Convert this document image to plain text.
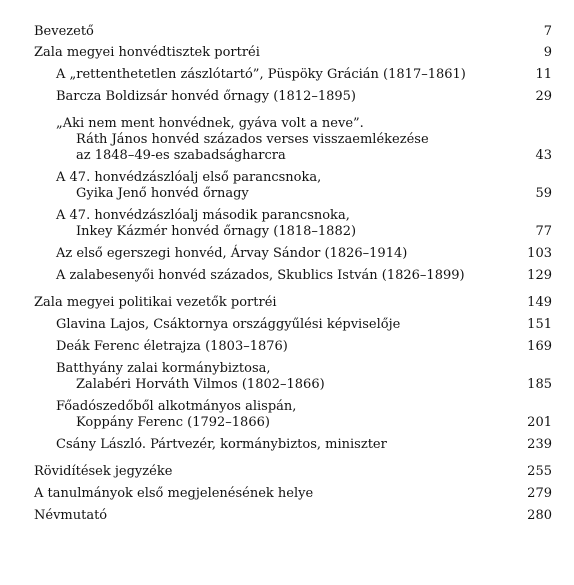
Bevezető	7
Zala megyei honvédtisztek portréi	9
A „rettenthetetlen zászlótartó”, Püspöky Grácián (1817–1861)	11
Barcza Boldizsár honvéd őrnagy (1812–1895)	29
„Aki nem ment honvédnek, gyáva volt a neve”.
Ráth János honvéd százados verses visszaemlékezése
az 1848–49-es szabadságharcra	43
A 47. honvédzászlóalj első parancsnoka,
Gyika Jenő honvéd őrnagy	59
A 47. honvédzászlóalj második parancsnoka,
Inkey Kázmér honvéd őrnagy (1818–1882)	77
Az első egerszegi honvéd, Árvay Sándor (1826–1914)	103
A zalabesenyői honvéd százados, Skublics István (1826–1899)	129
Zala megyei politikai vezetők portréi	149
Glavina Lajos, Csáktornya országgyűlési képviselője	151
Deák Ferenc életrajza (1803–1876)	169
Batthyány zalai kormánybiztosa,
Zalabéri Horváth Vilmos (1802–1866)	185
Főadószedőből alkotmányos alispán,
Koppány Ferenc (1792–1866)	201
Csány László. Pártvezér, kormánybiztos, miniszter	239
Rövidítések jegyzéke	255
A tanulmányok első megjelenésének helye	279
Névmutató	280
